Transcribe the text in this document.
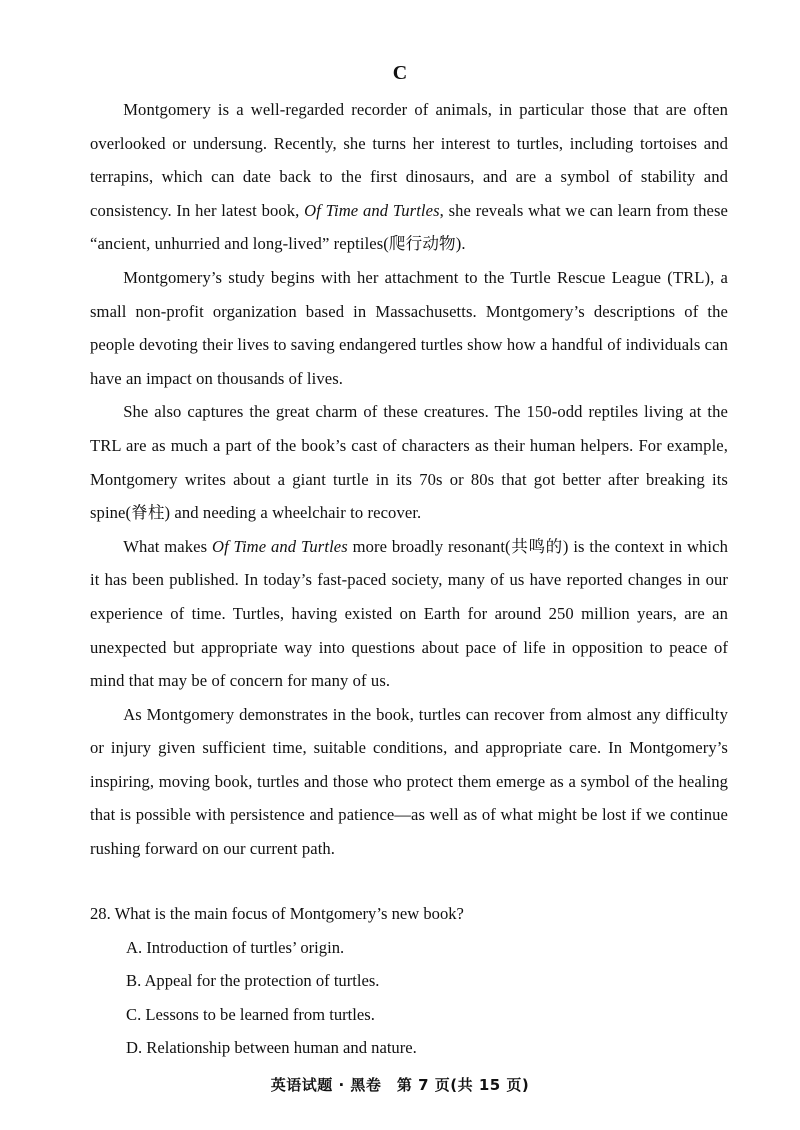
C

Montgomery is a well-regarded recorder of animals, in particular those that are often overlooked or undersung. Recently, she turns her interest to turtles, including tortoises and terrapins, which can date back to the first dinosaurs, and are a symbol of stability and consistency. In her latest book, Of Time and Turtles, she reveals what we can learn from these “ancient, unhurried and long-lived” reptiles(爬行动物).

Montgomery’s study begins with her attachment to the Turtle Rescue League (TRL), a small non-profit organization based in Massachusetts. Montgomery’s descriptions of the people devoting their lives to saving endangered turtles show how a handful of individuals can have an impact on thousands of lives.

She also captures the great charm of these creatures. The 150-odd reptiles living at the TRL are as much a part of the book’s cast of characters as their human helpers. For example, Montgomery writes about a giant turtle in its 70s or 80s that got better after breaking its spine(脊柱) and needing a wheelchair to recover.

What makes Of Time and Turtles more broadly resonant(共鸣的) is the context in which it has been published. In today’s fast-paced society, many of us have reported changes in our experience of time. Turtles, having existed on Earth for around 250 million years, are an unexpected but appropriate way into questions about pace of life in opposition to peace of mind that may be of concern for many of us.

As Montgomery demonstrates in the book, turtles can recover from almost any difficulty or injury given sufficient time, suitable conditions, and appropriate care. In Montgomery’s inspiring, moving book, turtles and those who protect them emerge as a symbol of the healing that is possible with persistence and patience—as well as of what might be lost if we continue rushing forward on our current path.

28. What is the main focus of Montgomery’s new book?

A. Introduction of turtles’ origin.
B. Appeal for the protection of turtles.
C. Lessons to be learned from turtles.
D. Relationship between human and nature.
英语试题 · 黑卷　第 7 页(共 15 页)
